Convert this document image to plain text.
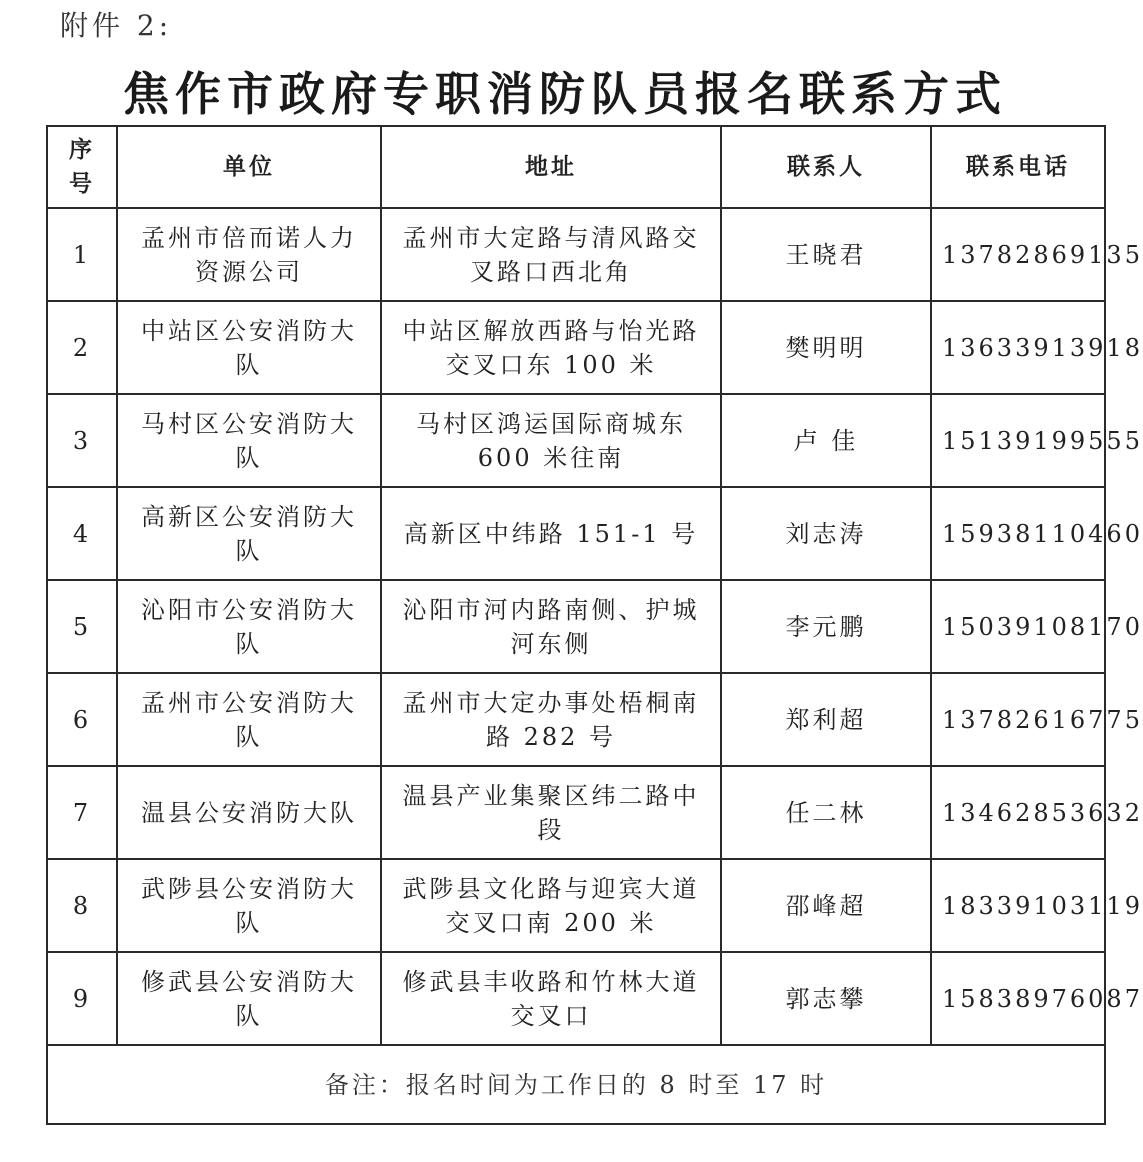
附件 2:
焦作市政府专职消防队员报名联系方式
序
号	单位	地址	联系人	联系电话
1	孟州市倍而诺人力资源公司	孟州市大定路与清风路交叉路口西北角	王晓君	13782869135
2	中站区公安消防大队	中站区解放西路与怡光路交叉口东 100 米	樊明明	13633913918
3	马村区公安消防大队	马村区鸿运国际商城东 600 米往南	卢 佳	15139199555
4	高新区公安消防大队	高新区中纬路 151-1 号	刘志涛	15938110460
5	沁阳市公安消防大队	沁阳市河内路南侧、护城河东侧	李元鹏	15039108170
6	孟州市公安消防大队	孟州市大定办事处梧桐南路 282 号	郑利超	13782616775
7	温县公安消防大队	温县产业集聚区纬二路中段	任二林	13462853632
8	武陟县公安消防大队	武陟县文化路与迎宾大道交叉口南 200 米	邵峰超	18339103119
9	修武县公安消防大队	修武县丰收路和竹林大道交叉口	郭志攀	15838976087
备注：报名时间为工作日的 8 时至 17 时				
